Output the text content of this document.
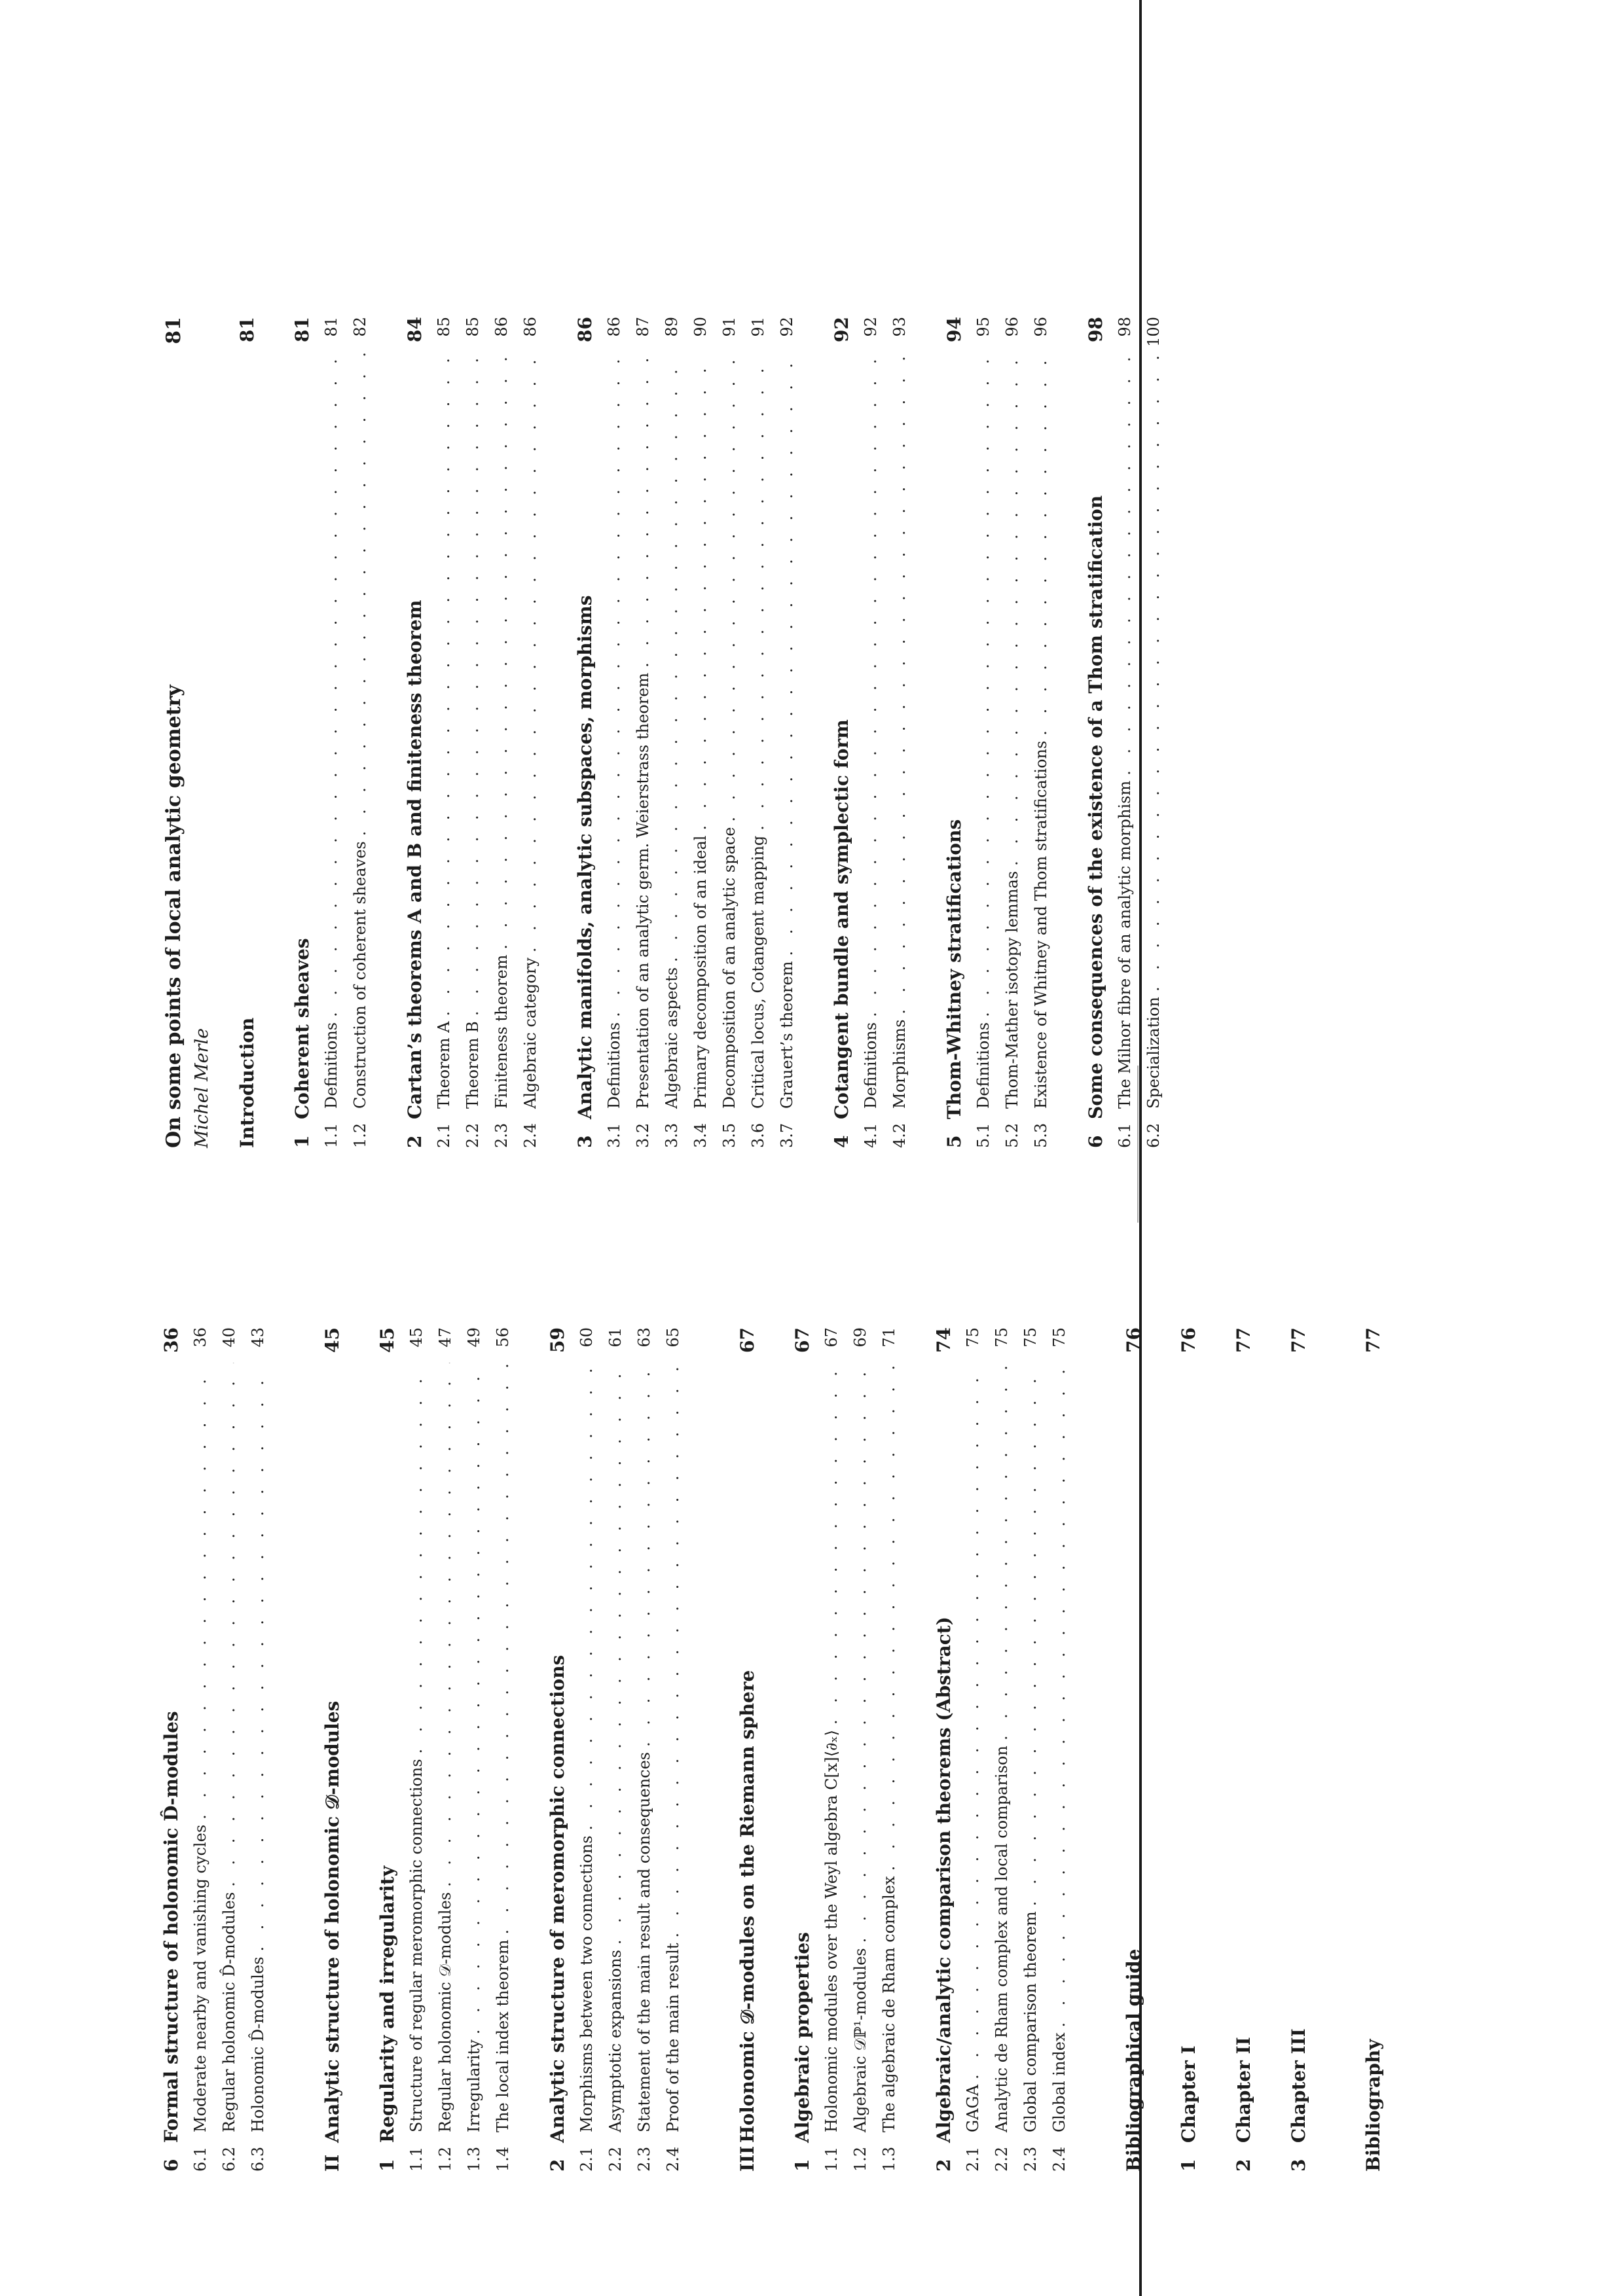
6
Formal structure of holonomic D̂-modules
36
6.1
Moderate nearby and vanishing cycles
. . .
36
6.2
Regular holonomic D̂-modules
. . .
40
6.3
Holonomic D̂-modules
. . .
43
II
Analytic structure of holonomic 𝒟-modules
45
1
Regularity and irregularity
45
1.1
Structure of regular meromorphic connections
. . .
45
1.2
Regular holonomic 𝒟-modules
. . .
47
1.3
Irregularity
. . .
49
1.4
The local index theorem
. . .
56
2
Analytic structure of meromorphic connections
59
2.1
Morphisms between two connections
. . .
60
2.2
Asymptotic expansions
. . .
61
2.3
Statement of the main result and consequences
. . .
63
2.4
Proof of the main result
. . .
65
III
Holonomic 𝒟-modules on the Riemann sphere
67
1
Algebraic properties
67
1.1
Holonomic modules over the Weyl algebra C[x]⟨∂ₓ⟩
. . .
67
1.2
Algebraic 𝒟ℙ¹-modules
. . .
69
1.3
The algebraic de Rham complex
. . .
71
2
Algebraic/analytic comparison theorems (Abstract)
74
2.1
GAGA
. . .
75
2.2
Analytic de Rham complex and local comparison
. . .
75
2.3
Global comparison theorem
. . .
75
2.4
Global index
. . .
75
Bibliographical guide
76
1
Chapter I
76
2
Chapter II
77
3
Chapter III
77
Bibliography
77
On some points of local analytic geometry
81
Michel Merle Introduction
81
1
Coherent sheaves
81
1.1
Definitions
. . .
81
1.2
Construction of coherent sheaves
. . .
82
2
Cartan’s theorems A and B and finiteness theorem
84
2.1
Theorem A
. . .
85
2.2
Theorem B
. . .
85
2.3
Finiteness theorem
. . .
86
2.4
Algebraic category
. . .
86
3
Analytic manifolds, analytic subspaces, morphisms
86
3.1
Definitions
. . .
86
3.2
Presentation of an analytic germ. Weierstrass theorem
. . .
87
3.3
Algebraic aspects
. . .
89
3.4
Primary decomposition of an ideal
. . .
90
3.5
Decomposition of an analytic space
. . .
91
3.6
Critical locus, Cotangent mapping
. . .
91
3.7
Grauert’s theorem
. . .
92
4
Cotangent bundle and symplectic form
92
4.1
Definitions
. . .
92
4.2
Morphisms
. . .
93
5
Thom-Whitney stratifications
94
5.1
Definitions
. . .
95
5.2
Thom-Mather isotopy lemmas
. . .
96
5.3
Existence of Whitney and Thom stratifications
. . .
96
6
Some consequences of the existence of a Thom stratification
98
6.1
The Milnor fibre of an analytic morphism
. . .
98
6.2
Specialization
. . .
100
